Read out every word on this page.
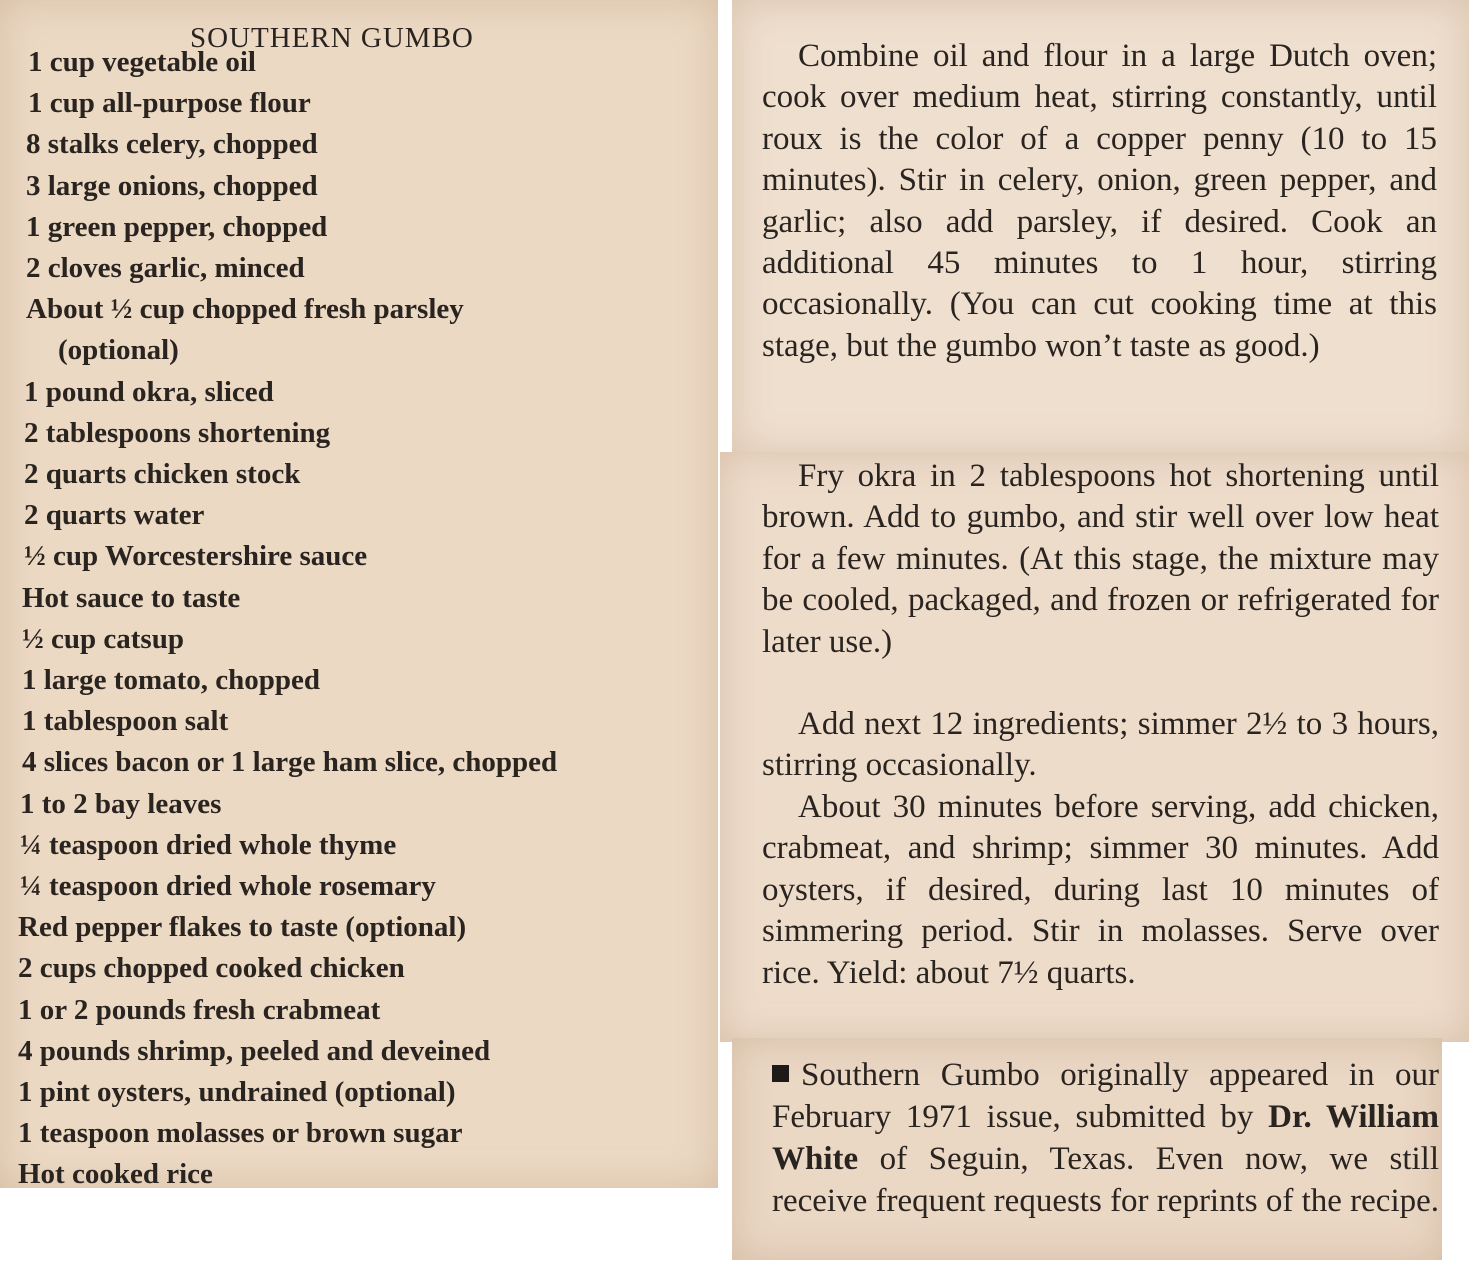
SOUTHERN GUMBO
1 cup vegetable oil
1 cup all-purpose flour
8 stalks celery, chopped
3 large onions, chopped
1 green pepper, chopped
2 cloves garlic, minced
About ½ cup chopped fresh parsley
(optional)
1 pound okra, sliced
2 tablespoons shortening
2 quarts chicken stock
2 quarts water
½ cup Worcestershire sauce
Hot sauce to taste
½ cup catsup
1 large tomato, chopped
1 tablespoon salt
4 slices bacon or 1 large ham slice, chopped
1 to 2 bay leaves
¼ teaspoon dried whole thyme
¼ teaspoon dried whole rosemary
Red pepper flakes to taste (optional)
2 cups chopped cooked chicken
1 or 2 pounds fresh crabmeat
4 pounds shrimp, peeled and deveined
1 pint oysters, undrained (optional)
1 teaspoon molasses or brown sugar
Hot cooked rice

Combine oil and flour in a large Dutch oven; cook over medium heat, stirring constantly, until roux is the color of a copper penny (10 to 15 minutes). Stir in celery, onion, green pepper, and garlic; also add parsley, if desired. Cook an additional 45 minutes to 1 hour, stirring occasionally. (You can cut cooking time at this stage, but the gumbo won’t taste as good.)

Fry okra in 2 tablespoons hot shortening until brown. Add to gumbo, and stir well over low heat for a few minutes. (At this stage, the mixture may be cooled, packaged, and frozen or refrigerated for later use.)

Add next 12 ingredients; simmer 2½ to 3 hours, stirring occasionally.

About 30 minutes before serving, add chicken, crabmeat, and shrimp; simmer 30 minutes. Add oysters, if desired, during last 10 minutes of simmering period. Stir in molasses. Serve over rice. Yield: about 7½ quarts.

Southern Gumbo originally appeared in our February 1971 issue, submitted by Dr. William White of Seguin, Texas. Even now, we still receive frequent requests for reprints of the recipe.
